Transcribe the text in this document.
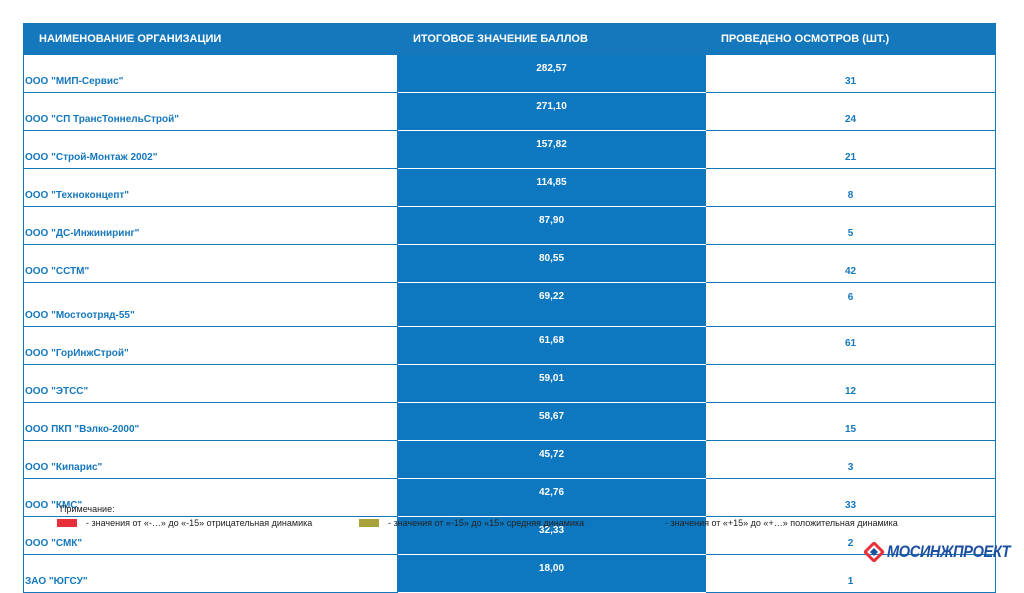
НАИМЕНОВАНИЕ ОРГАНИЗАЦИИ	ИТОГОВОЕ ЗНАЧЕНИЕ БАЛЛОВ	ПРОВЕДЕНО ОСМОТРОВ (ШТ.)
ООО "МИП-Сервис"	282,57	31
ООО "СП ТрансТоннельСтрой"	271,10	24
ООО "Строй-Монтаж 2002"	157,82	21
ООО "Техноконцепт"	114,85	8
ООО "ДС-Инжиниринг"	87,90	5
ООО "ССТМ"	80,55	42
ООО "Мостоотряд-55"	69,22	6
ООО "ГорИнжСтрой"	61,68	61
ООО "ЭТСС"	59,01	12
ООО ПКП "Вэлко-2000"	58,67	15
ООО "Кипарис"	45,72	3
ООО "КМС"	42,76	33
ООО "СМК"	32,33	2
ЗАО "ЮГСУ"	18,00	1
Примечание:
- значения от «-…» до «-15» отрицательная динамика	- значения от «-15» до «15» средняя динамика	- значения от «+15» до «+…» положительная динамика
МОСИНЖПРОЕКТ
